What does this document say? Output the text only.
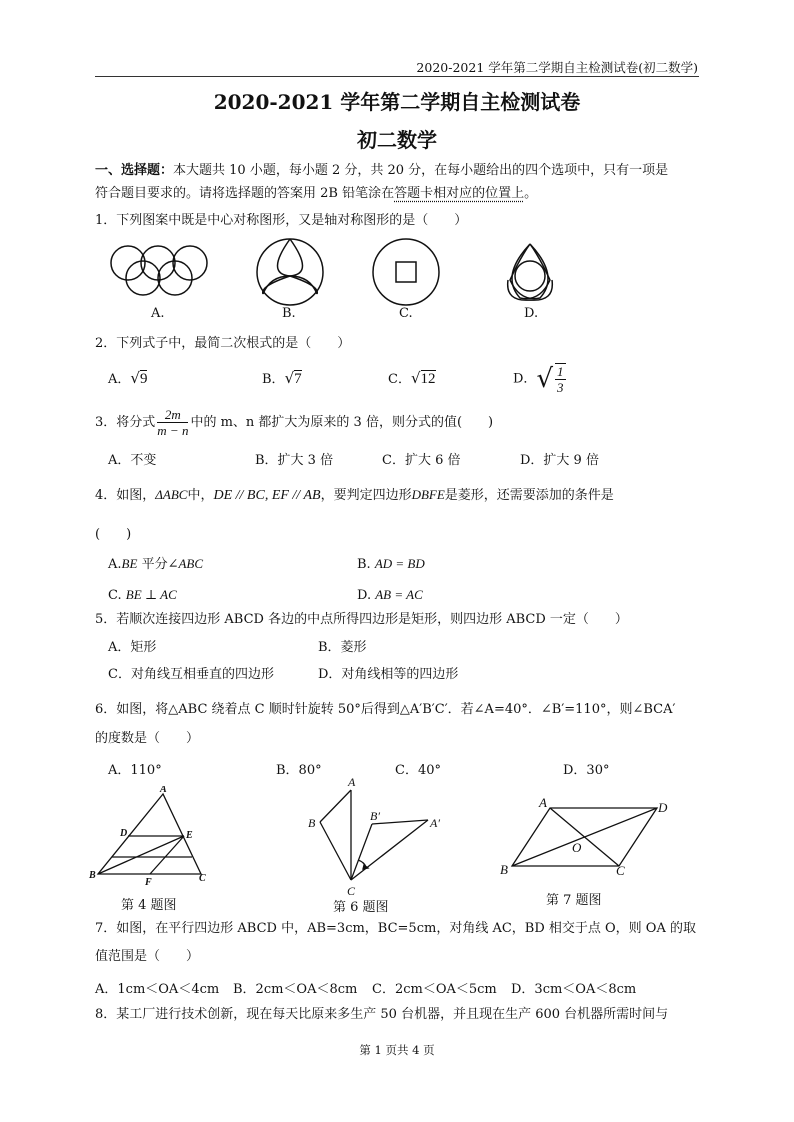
2020-2021 学年第二学期自主检测试卷(初二数学)
2020-2021 学年第二学期自主检测试卷
初二数学
一、选择题：本大题共 10 小题，每小题 2 分，共 20 分，在每小题给出的四个选项中，只有一项是
符合题目要求的。请将选择题的答案用 2B 铅笔涂在答题卡相对应的位置上。
1．下列图案中既是中心对称图形，又是轴对称图形的是（　　）
A.	B.	C.	D.
2．下列式子中，最简二次根式的是（　　）
A．√9	B．√7	C．√12	D．√ $\frac{1}{3}$
3．将分式 $\frac{2m}{m - n}$ 中的 m、n 都扩大为原来的 3 倍，则分式的值(　　)
A．不变	B．扩大 3 倍	C．扩大 6 倍	D．扩大 9 倍
4．如图，ΔABC中，DE // BC, EF // AB，要判定四边形DBFE是菱形，还需要添加的条件是
(　　)
A.BE 平分∠ABC	B. AD = BD
C. BE ⊥ AC	D. AB = AC
5．若顺次连接四边形 ABCD 各边的中点所得四边形是矩形，则四边形 ABCD 一定（　　）
A．矩形	B．菱形
C．对角线互相垂直的四边形	D．对角线相等的四边形
6．如图，将△ABC 绕着点 C 顺时针旋转 50°后得到△A′B′C′．若∠A=40°．∠B′=110°，则∠BCA′
的度数是（　　）
A．110°	B．80°	C．40°	D．30°
A
D	E
B
F	C
第 4 题图
A
B	B′	A′
C
第 6 题图
A	D
O
B	C
第 7 题图
7．如图，在平行四边形 ABCD 中，AB=3cm，BC=5cm，对角线 AC，BD 相交于点 O，则 OA 的取
值范围是（　　）
A．1cm＜OA＜4cm B．2cm＜OA＜8cm C．2cm＜OA＜5cm D．3cm＜OA＜8cm
8．某工厂进行技术创新，现在每天比原来多生产 50 台机器，并且现在生产 600 台机器所需时间与
第 1 页共 4 页
